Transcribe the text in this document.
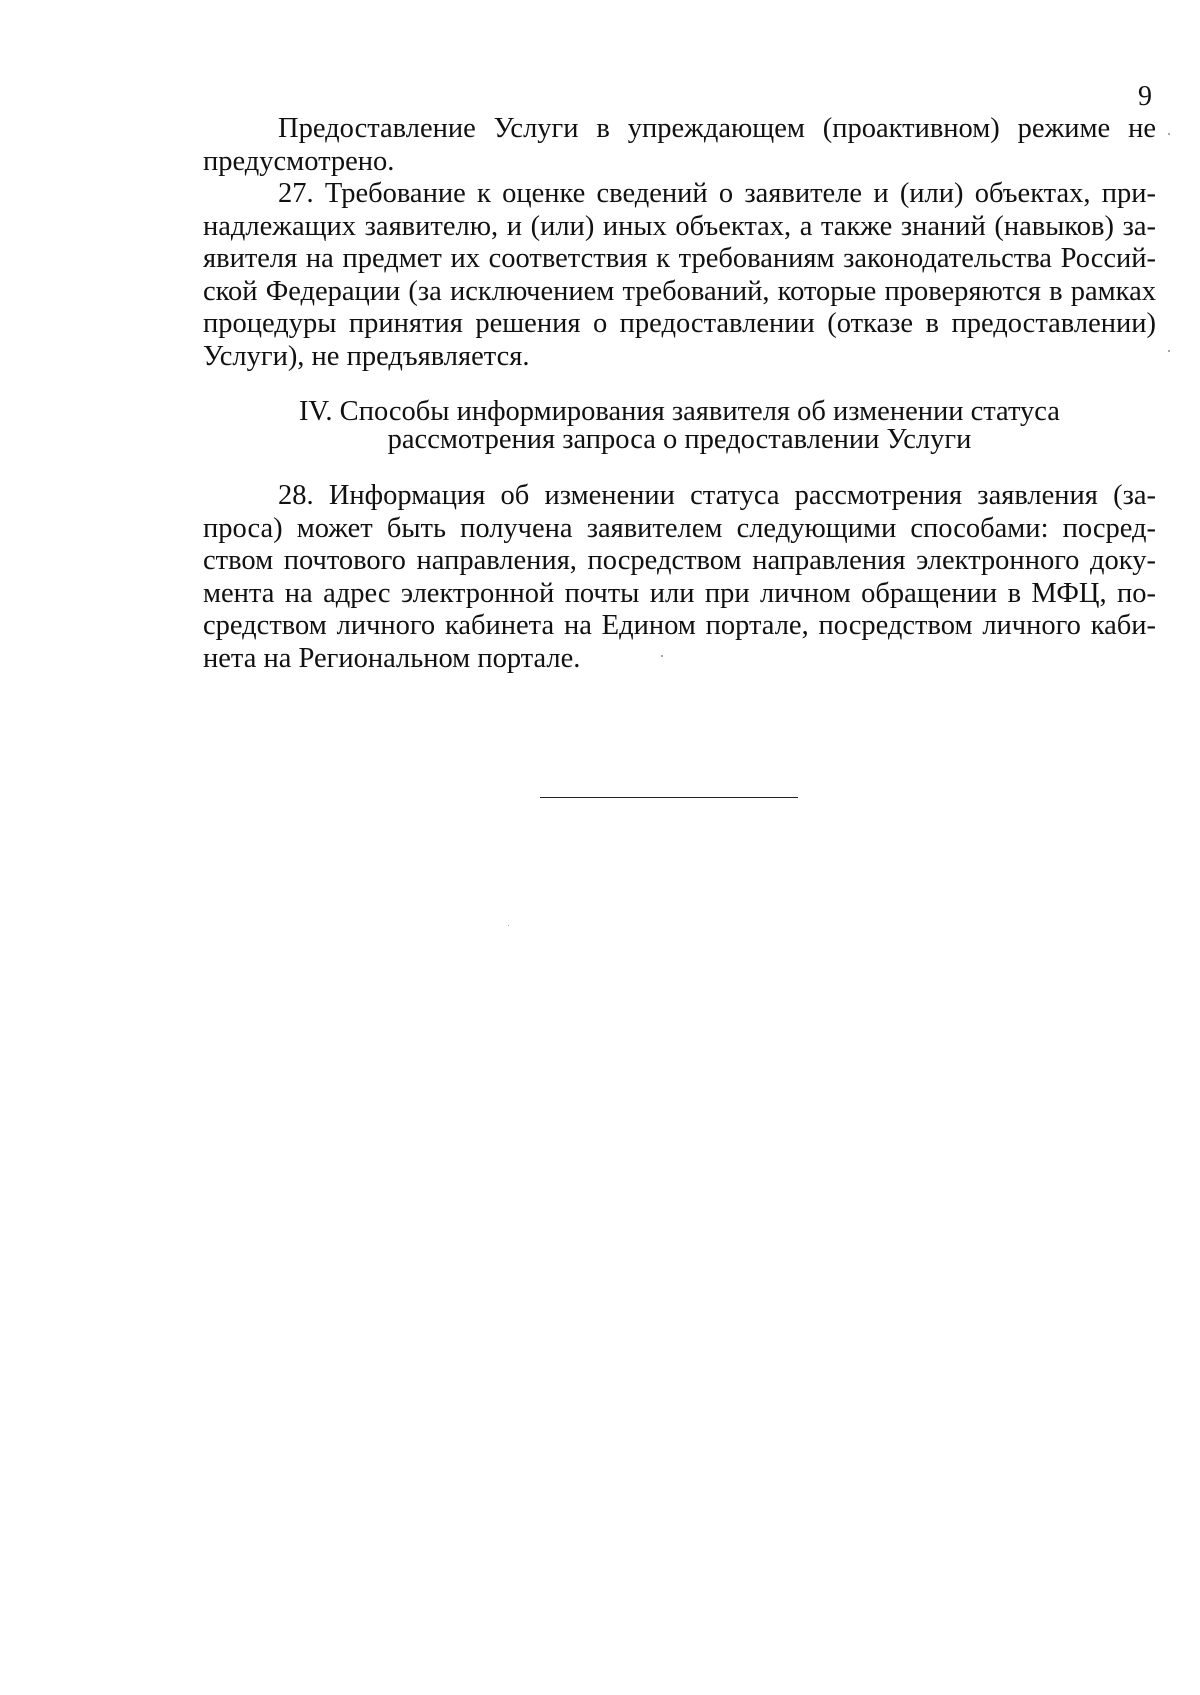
9
Предоставление Услуги в упреждающем (проактивном) режиме не
предусмотрено.
27. Требование к оценке сведений о заявителе и (или) объектах, при-
надлежащих заявителю, и (или) иных объектах, а также знаний (навыков) за-
явителя на предмет их соответствия к требованиям законодательства Россий-
ской Федерации (за исключением требований, которые проверяются в рамках
процедуры принятия решения о предоставлении (отказе в предоставлении)
Услуги), не предъявляется.
IV. Способы информирования заявителя об изменении статуса
рассмотрения запроса о предоставлении Услуги
28. Информация об изменении статуса рассмотрения заявления (за-
проса) может быть получена заявителем следующими способами: посред-
ством почтового направления, посредством направления электронного доку-
мента на адрес электронной почты или при личном обращении в МФЦ, по-
средством личного кабинета на Едином портале, посредством личного каби-
нета на Региональном портале.
